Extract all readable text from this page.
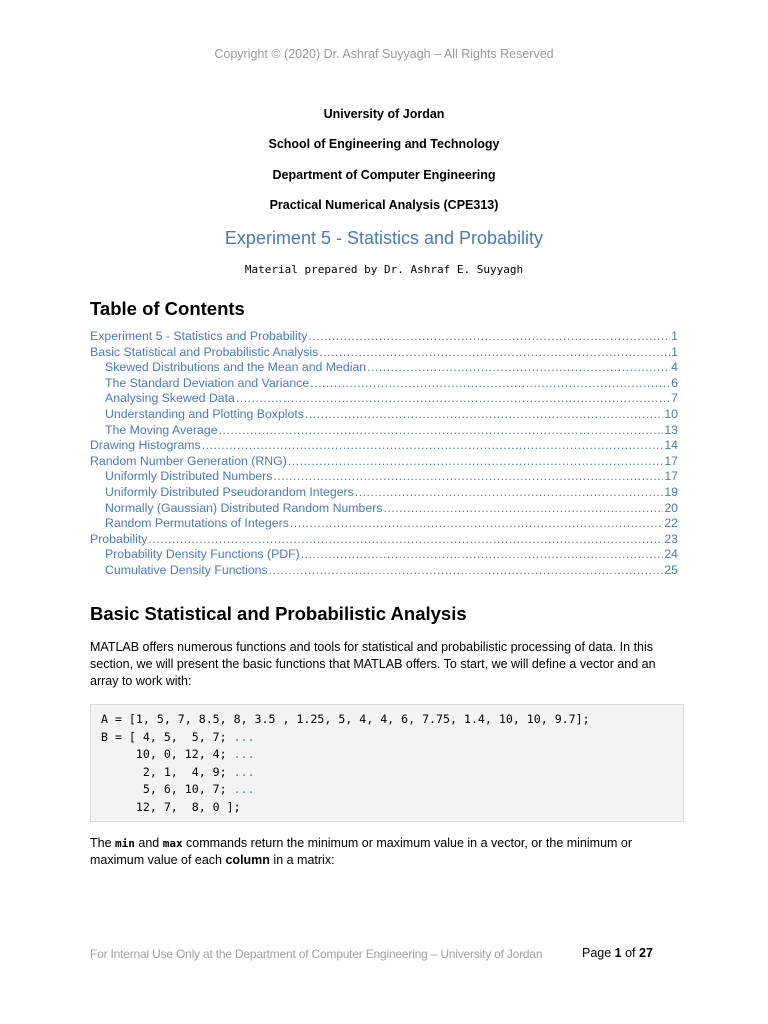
Copyright © (2020) Dr. Ashraf Suyyagh – All Rights Reserved
University of Jordan
School of Engineering and Technology
Department of Computer Engineering
Practical Numerical Analysis (CPE313)
Experiment 5 - Statistics and Probability
Material prepared by Dr. Ashraf E. Suyyagh
Table of Contents
Experiment 5 - Statistics and Probability .....	1
Basic Statistical and Probabilistic Analysis .....	1
Skewed Distributions and the Mean and Median .....	4
The Standard Deviation and Variance .....	6
Analysing Skewed Data .....	7
Understanding and Plotting Boxplots .....	10
The Moving Average .....	13
Drawing Histograms .....	14
Random Number Generation (RNG) .....	17
Uniformly Distributed Numbers .....	17
Uniformly Distributed Pseudorandom Integers .....	19
Normally (Gaussian) Distributed Random Numbers .....	20
Random Permutations of Integers .....	22
Probability .....	23
Probability Density Functions (PDF) .....	24
Cumulative Density Functions .....	25
Basic Statistical and Probabilistic Analysis
MATLAB offers numerous functions and tools for statistical and probabilistic processing of data. In this section, we will present the basic functions that MATLAB offers. To start, we will define a vector and an array to work with:
A = [1, 5, 7, 8.5, 8, 3.5 , 1.25, 5, 4, 4, 6, 7.75, 1.4, 10, 10, 9.7];
B = [ 4, 5,  5, 7; ...
10, 0, 12, 4; ...
2, 1,  4, 9; ...
5, 6, 10, 7; ...
12, 7,  8, 0 ];
The min and max commands return the minimum or maximum value in a vector, or the minimum or maximum value of each column in a matrix:
For Internal Use Only at the Department of Computer Engineering – University of Jordan	Page 1 of 27
